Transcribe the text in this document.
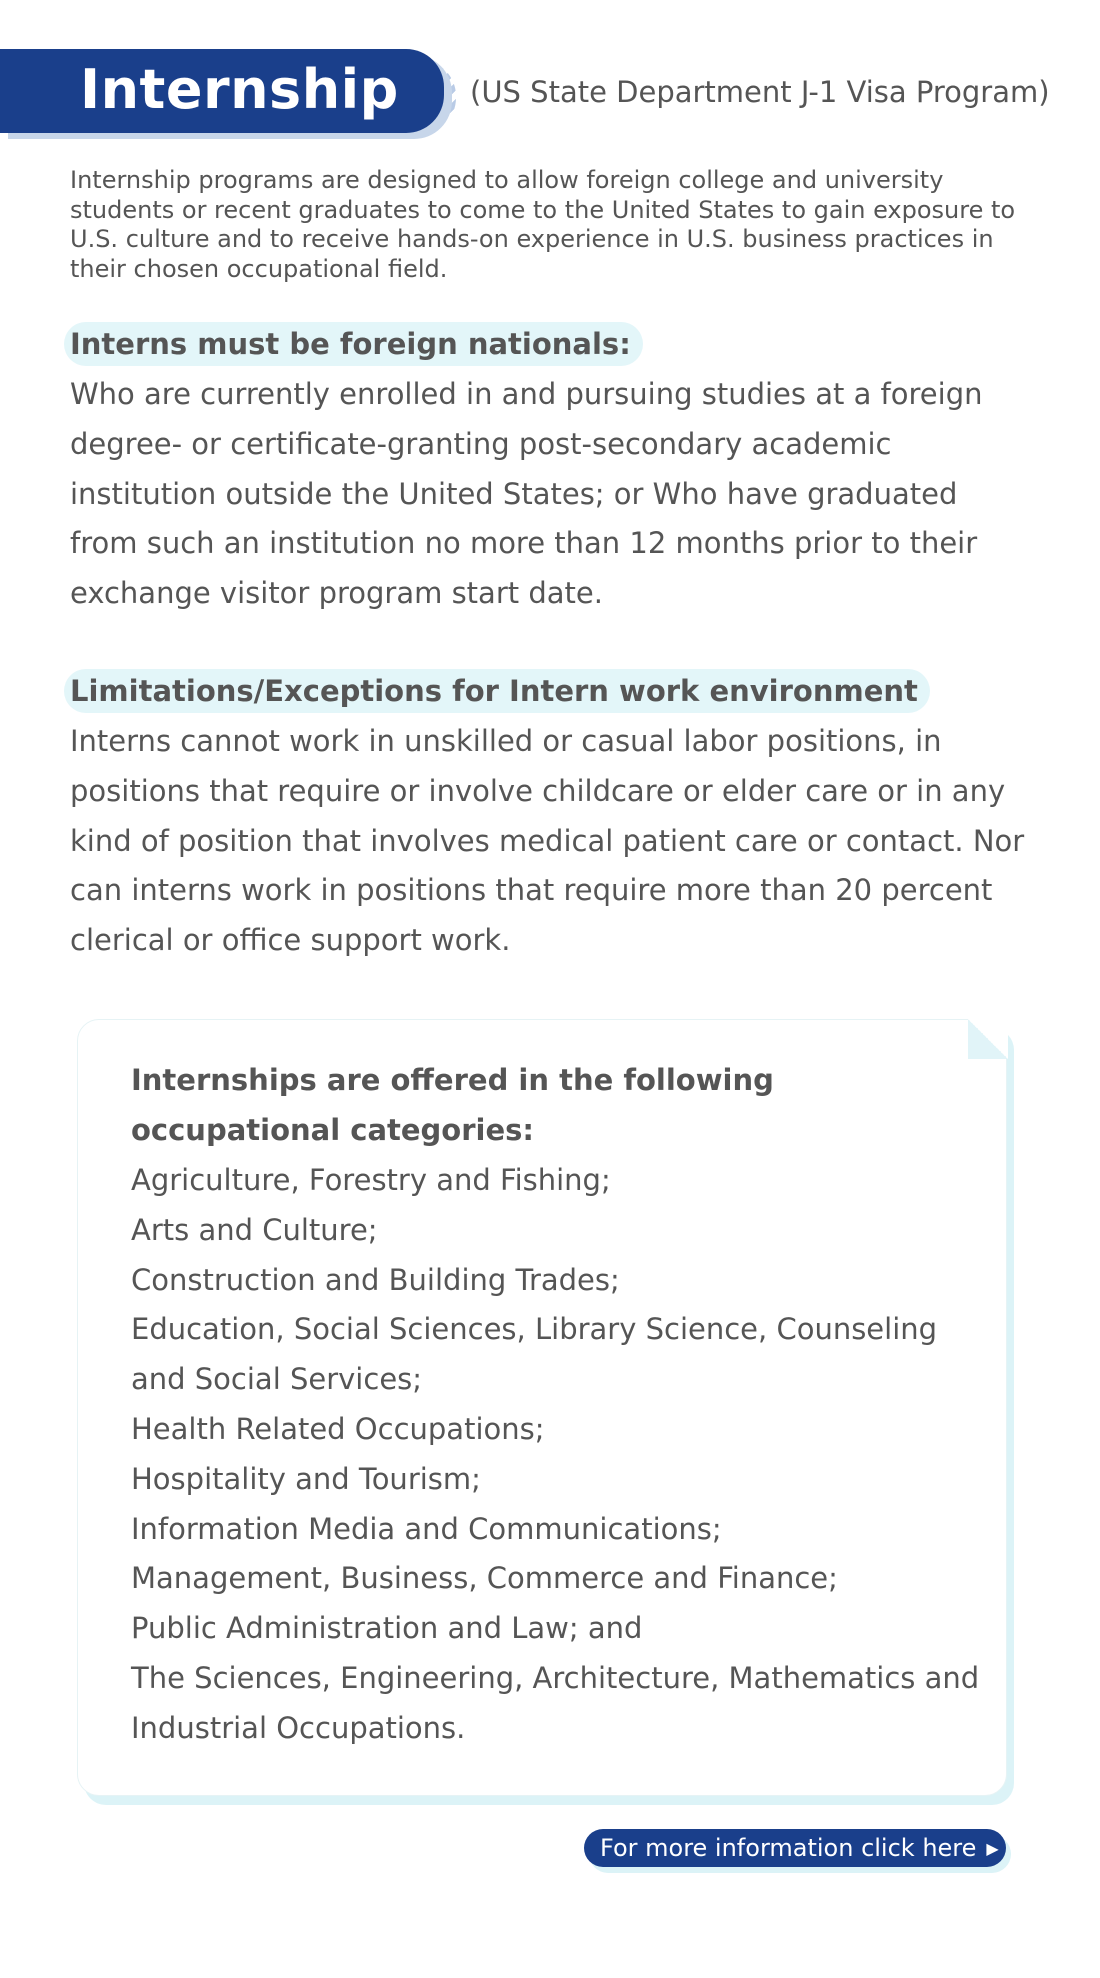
Internship (US State Department J-1 Visa Program)

Internship programs are designed to allow foreign college and university students or recent graduates to come to the United States to gain exposure to U.S. culture and to receive hands-on experience in U.S. business practices in their chosen occupational field.

Interns must be foreign nationals:

Who are currently enrolled in and pursuing studies at a foreign degree- or certificate-granting post-secondary academic institution outside the United States; or Who have graduated from such an institution no more than 12 months prior to their exchange visitor program start date.

Limitations/Exceptions for Intern work environment

Interns cannot work in unskilled or casual labor positions, in positions that require or involve childcare or elder care or in any kind of position that involves medical patient care or contact. Nor can interns work in positions that require more than 20 percent clerical or office support work.

Internships are offered in the following occupational categories:
Agriculture, Forestry and Fishing;
Arts and Culture;
Construction and Building Trades;
Education, Social Sciences, Library Science, Counseling and Social Services;
Health Related Occupations;
Hospitality and Tourism;
Information Media and Communications;
Management, Business, Commerce and Finance;
Public Administration and Law; and
The Sciences, Engineering, Architecture, Mathematics and Industrial Occupations.
For more information click here ▶
